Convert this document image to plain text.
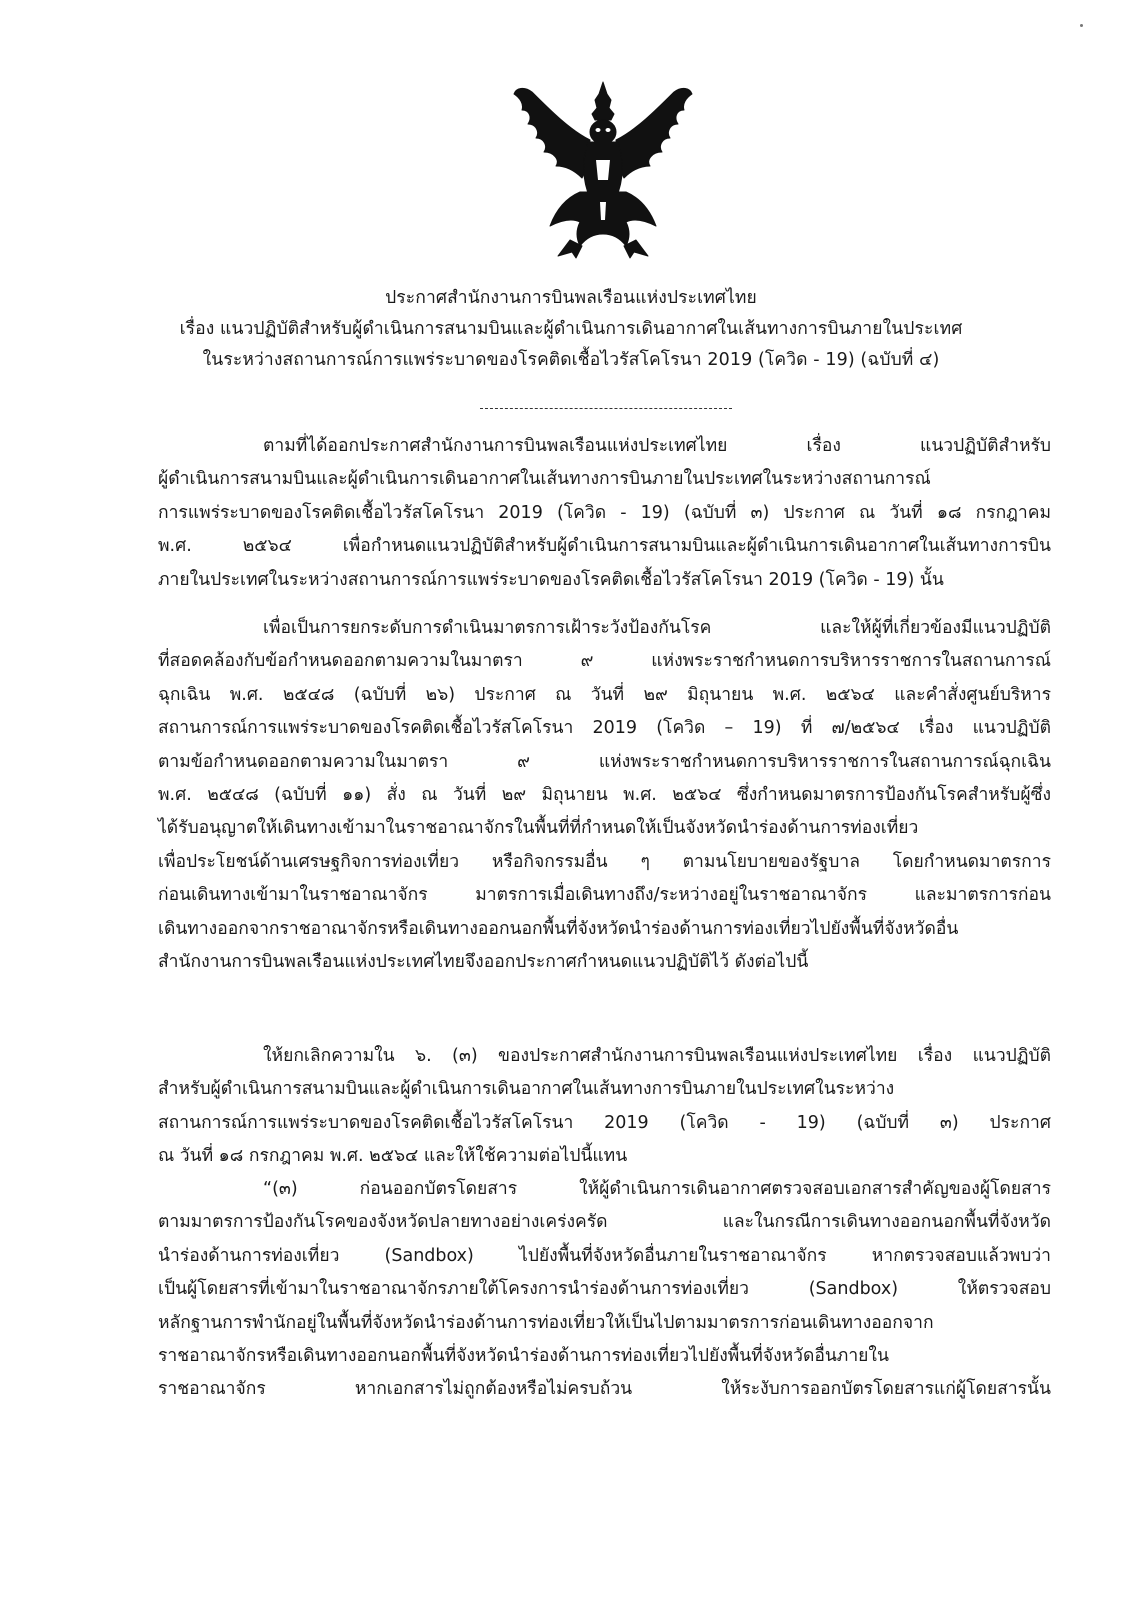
ประกาศสำนักงานการบินพลเรือนแห่งประเทศไทย
เรื่อง แนวปฏิบัติสำหรับผู้ดำเนินการสนามบินและผู้ดำเนินการเดินอากาศในเส้นทางการบินภายในประเทศ
ในระหว่างสถานการณ์การแพร่ระบาดของโรคติดเชื้อไวรัสโคโรนา 2019 (โควิด - 19) (ฉบับที่ ๔)
ตามที่ได้ออกประกาศสำนักงานการบินพลเรือนแห่งประเทศไทย เรื่อง แนวปฏิบัติสำหรับ
ผู้ดำเนินการสนามบินและผู้ดำเนินการเดินอากาศในเส้นทางการบินภายในประเทศในระหว่างสถานการณ์
การแพร่ระบาดของโรคติดเชื้อไวรัสโคโรนา 2019 (โควิด - 19) (ฉบับที่ ๓) ประกาศ ณ วันที่ ๑๘ กรกฎาคม
พ.ศ. ๒๕๖๔ เพื่อกำหนดแนวปฏิบัติสำหรับผู้ดำเนินการสนามบินและผู้ดำเนินการเดินอากาศในเส้นทางการบิน
ภายในประเทศในระหว่างสถานการณ์การแพร่ระบาดของโรคติดเชื้อไวรัสโคโรนา 2019 (โควิด - 19) นั้น
เพื่อเป็นการยกระดับการดำเนินมาตรการเฝ้าระวังป้องกันโรค และให้ผู้ที่เกี่ยวข้องมีแนวปฏิบัติ
ที่สอดคล้องกับข้อกำหนดออกตามความในมาตรา ๙ แห่งพระราชกำหนดการบริหารราชการในสถานการณ์
ฉุกเฉิน พ.ศ. ๒๕๔๘ (ฉบับที่ ๒๖) ประกาศ ณ วันที่ ๒๙ มิถุนายน พ.ศ. ๒๕๖๔ และคำสั่งศูนย์บริหาร
สถานการณ์การแพร่ระบาดของโรคติดเชื้อไวรัสโคโรนา 2019 (โควิด – 19) ที่ ๗/๒๕๖๔ เรื่อง แนวปฏิบัติ
ตามข้อกำหนดออกตามความในมาตรา ๙ แห่งพระราชกำหนดการบริหารราชการในสถานการณ์ฉุกเฉิน
พ.ศ. ๒๕๔๘ (ฉบับที่ ๑๑) สั่ง ณ วันที่ ๒๙ มิถุนายน พ.ศ. ๒๕๖๔ ซึ่งกำหนดมาตรการป้องกันโรคสำหรับผู้ซึ่ง
ได้รับอนุญาตให้เดินทางเข้ามาในราชอาณาจักรในพื้นที่ที่กำหนดให้เป็นจังหวัดนำร่องด้านการท่องเที่ยว
เพื่อประโยชน์ด้านเศรษฐกิจการท่องเที่ยว หรือกิจกรรมอื่น ๆ ตามนโยบายของรัฐบาล โดยกำหนดมาตรการ
ก่อนเดินทางเข้ามาในราชอาณาจักร มาตรการเมื่อเดินทางถึง/ระหว่างอยู่ในราชอาณาจักร และมาตรการก่อน
เดินทางออกจากราชอาณาจักรหรือเดินทางออกนอกพื้นที่จังหวัดนำร่องด้านการท่องเที่ยวไปยังพื้นที่จังหวัดอื่น
สำนักงานการบินพลเรือนแห่งประเทศไทยจึงออกประกาศกำหนดแนวปฏิบัติไว้ ดังต่อไปนี้
ให้ยกเลิกความใน ๖. (๓) ของประกาศสำนักงานการบินพลเรือนแห่งประเทศไทย เรื่อง แนวปฏิบัติ
สำหรับผู้ดำเนินการสนามบินและผู้ดำเนินการเดินอากาศในเส้นทางการบินภายในประเทศในระหว่าง
สถานการณ์การแพร่ระบาดของโรคติดเชื้อไวรัสโคโรนา 2019 (โควิด - 19) (ฉบับที่ ๓) ประกาศ
ณ วันที่ ๑๘ กรกฎาคม พ.ศ. ๒๕๖๔ และให้ใช้ความต่อไปนี้แทน
“(๓) ก่อนออกบัตรโดยสาร ให้ผู้ดำเนินการเดินอากาศตรวจสอบเอกสารสำคัญของผู้โดยสาร
ตามมาตรการป้องกันโรคของจังหวัดปลายทางอย่างเคร่งครัด และในกรณีการเดินทางออกนอกพื้นที่จังหวัด
นำร่องด้านการท่องเที่ยว (Sandbox) ไปยังพื้นที่จังหวัดอื่นภายในราชอาณาจักร หากตรวจสอบแล้วพบว่า
เป็นผู้โดยสารที่เข้ามาในราชอาณาจักรภายใต้โครงการนำร่องด้านการท่องเที่ยว (Sandbox) ให้ตรวจสอบ
หลักฐานการพำนักอยู่ในพื้นที่จังหวัดนำร่องด้านการท่องเที่ยวให้เป็นไปตามมาตรการก่อนเดินทางออกจาก
ราชอาณาจักรหรือเดินทางออกนอกพื้นที่จังหวัดนำร่องด้านการท่องเที่ยวไปยังพื้นที่จังหวัดอื่นภายใน
ราชอาณาจักร หากเอกสารไม่ถูกต้องหรือไม่ครบถ้วน ให้ระงับการออกบัตรโดยสารแก่ผู้โดยสารนั้น
